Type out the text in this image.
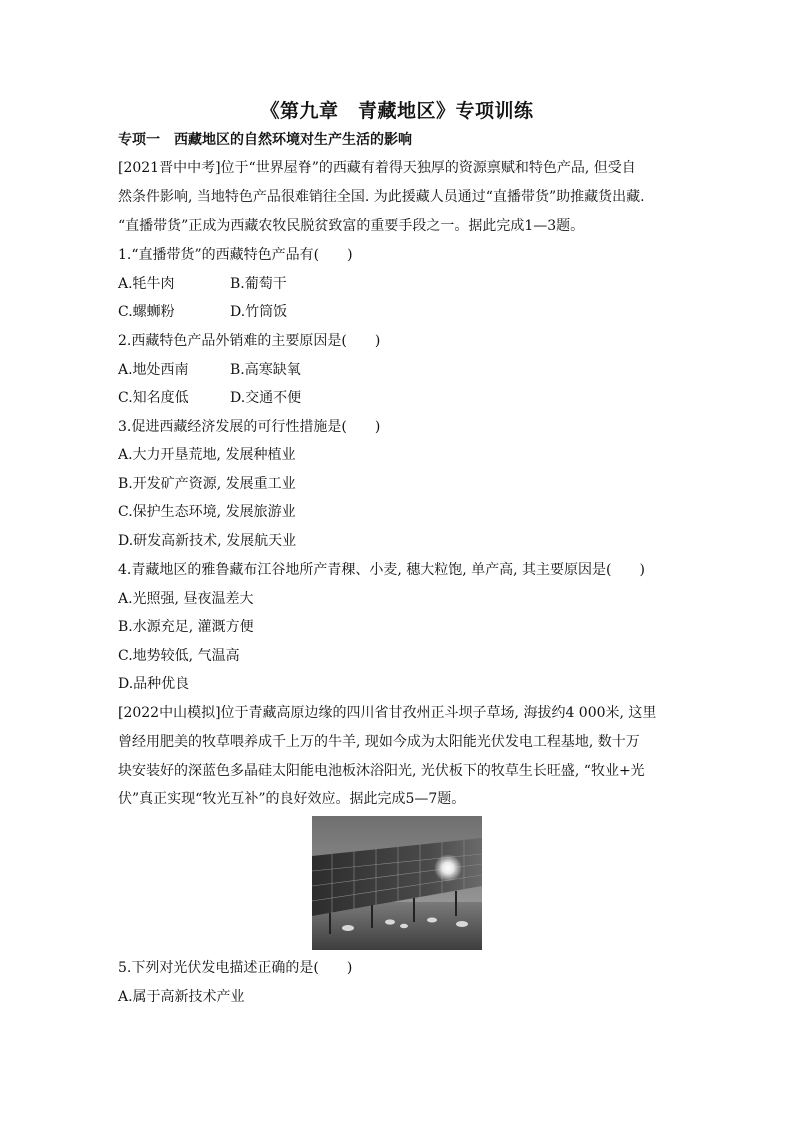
《第九章　青藏地区》专项训练
专项一　西藏地区的自然环境对生产生活的影响
[2021晋中中考]位于“世界屋脊”的西藏有着得天独厚的资源禀赋和特色产品, 但受自
然条件影响, 当地特色产品很难销往全国. 为此援藏人员通过“直播带货”助推藏货出藏.
“直播带货”正成为西藏农牧民脱贫致富的重要手段之一。据此完成1—3题。
1.“直播带货”的西藏特色产品有(　　)
A.牦牛肉	B.葡萄干
C.螺蛳粉	D.竹筒饭
2.西藏特色产品外销难的主要原因是(　　)
A.地处西南	B.高寒缺氧
C.知名度低	D.交通不便
3.促进西藏经济发展的可行性措施是(　　)
A.大力开垦荒地, 发展种植业
B.开发矿产资源, 发展重工业
C.保护生态环境, 发展旅游业
D.研发高新技术, 发展航天业
4.青藏地区的雅鲁藏布江谷地所产青稞、小麦, 穗大粒饱, 单产高, 其主要原因是(　　)
A.光照强, 昼夜温差大
B.水源充足, 灌溉方便
C.地势较低, 气温高
D.品种优良
[2022中山模拟]位于青藏高原边缘的四川省甘孜州正斗坝子草场, 海拔约4 000米, 这里
曾经用肥美的牧草喂养成千上万的牛羊, 现如今成为太阳能光伏发电工程基地, 数十万
块安装好的深蓝色多晶硅太阳能电池板沐浴阳光, 光伏板下的牧草生长旺盛, “牧业+光
伏”真正实现“牧光互补”的良好效应。据此完成5—7题。
5.下列对光伏发电描述正确的是(　　)
A.属于高新技术产业
